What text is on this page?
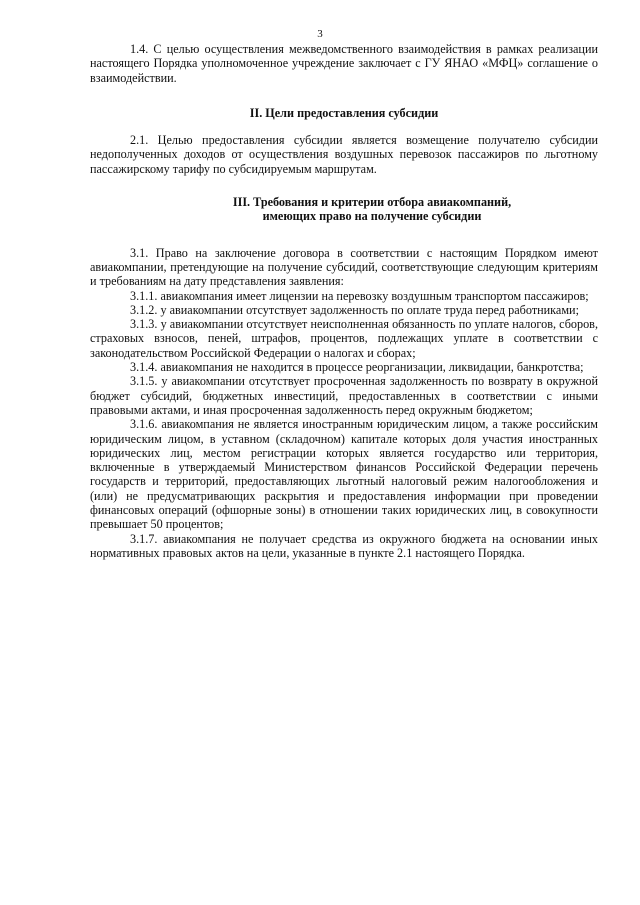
3

1.4. С целью осуществления межведомственного взаимодействия в рамках реализации настоящего Порядка уполномоченное учреждение заключает с ГУ ЯНАО «МФЦ» соглашение о взаимодействии.

II. Цели предоставления субсидии

2.1. Целью предоставления субсидии является возмещение получателю субсидии недополученных доходов от осуществления воздушных перевозок пассажиров по льготному пассажирскому тарифу по субсидируемым маршрутам.

III. Требования и критерии отбора авиакомпаний,
имеющих право на получение субсидии

3.1. Право на заключение договора в соответствии с настоящим Порядком имеют авиакомпании, претендующие на получение субсидий, соответствующие следующим критериям и требованиям на дату представления заявления:

3.1.1. авиакомпания имеет лицензии на перевозку воздушным транспортом пассажиров;

3.1.2. у авиакомпании отсутствует задолженность по оплате труда перед работниками;

3.1.3. у авиакомпании отсутствует неисполненная обязанность по уплате налогов, сборов, страховых взносов, пеней, штрафов, процентов, подлежащих уплате в соответствии с законодательством Российской Федерации о налогах и сборах;

3.1.4. авиакомпания не находится в процессе реорганизации, ликвидации, банкротства;

3.1.5. у авиакомпании отсутствует просроченная задолженность по возврату в окружной бюджет субсидий, бюджетных инвестиций, предоставленных в соответствии с иными правовыми актами, и иная просроченная задолженность перед окружным бюджетом;

3.1.6. авиакомпания не является иностранным юридическим лицом, а также российским юридическим лицом, в уставном (складочном) капитале которых доля участия иностранных юридических лиц, местом регистрации которых является государство или территория, включенные в утверждаемый Министерством финансов Российской Федерации перечень государств и территорий, предоставляющих льготный налоговый режим налогообложения и (или) не предусматривающих раскрытия и предоставления информации при проведении финансовых операций (офшорные зоны) в отношении таких юридических лиц, в совокупности превышает 50 процентов;

3.1.7. авиакомпания не получает средства из окружного бюджета на основании иных нормативных правовых актов на цели, указанные в пункте 2.1 настоящего Порядка.
